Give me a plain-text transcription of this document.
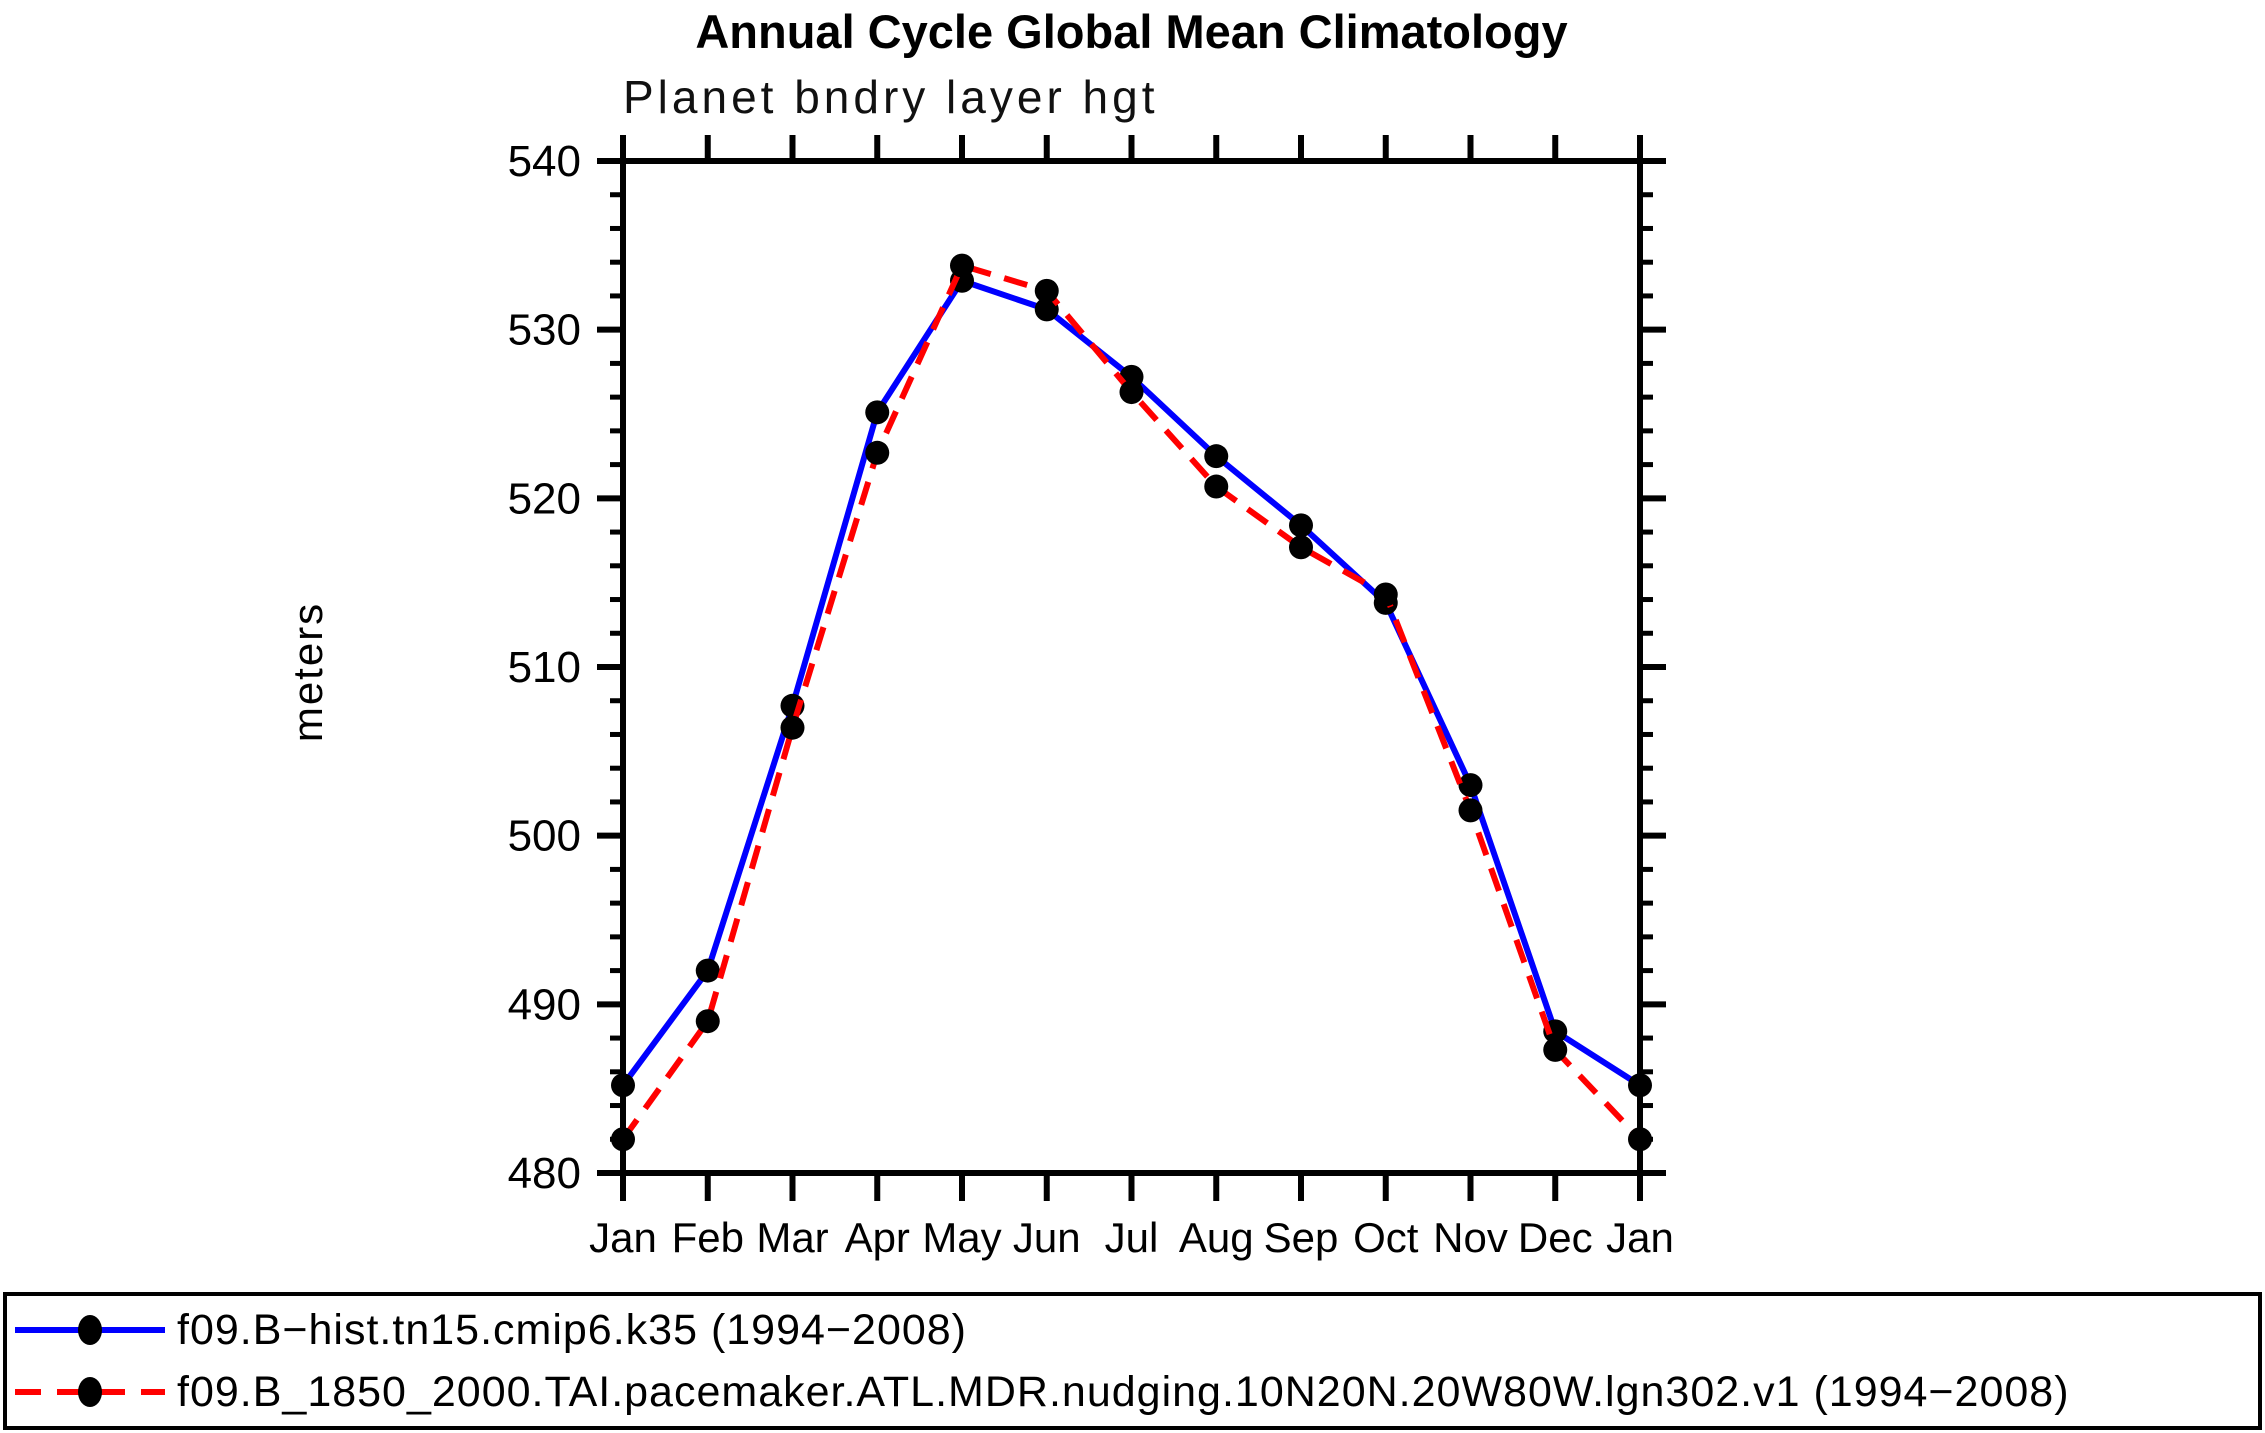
Annual Cycle Global Mean Climatology
Planet bndry layer hgt
480
490
500
510
520
530
540
Jan Feb Mar Apr May Jun Jul Aug Sep Oct Nov Dec Jan
meters
f09.B−hist.tn15.cmip6.k35 (1994−2008)
f09.B_1850_2000.TAI.pacemaker.ATL.MDR.nudging.10N20N.20W80W.lgn302.v1 (1994−2008)
